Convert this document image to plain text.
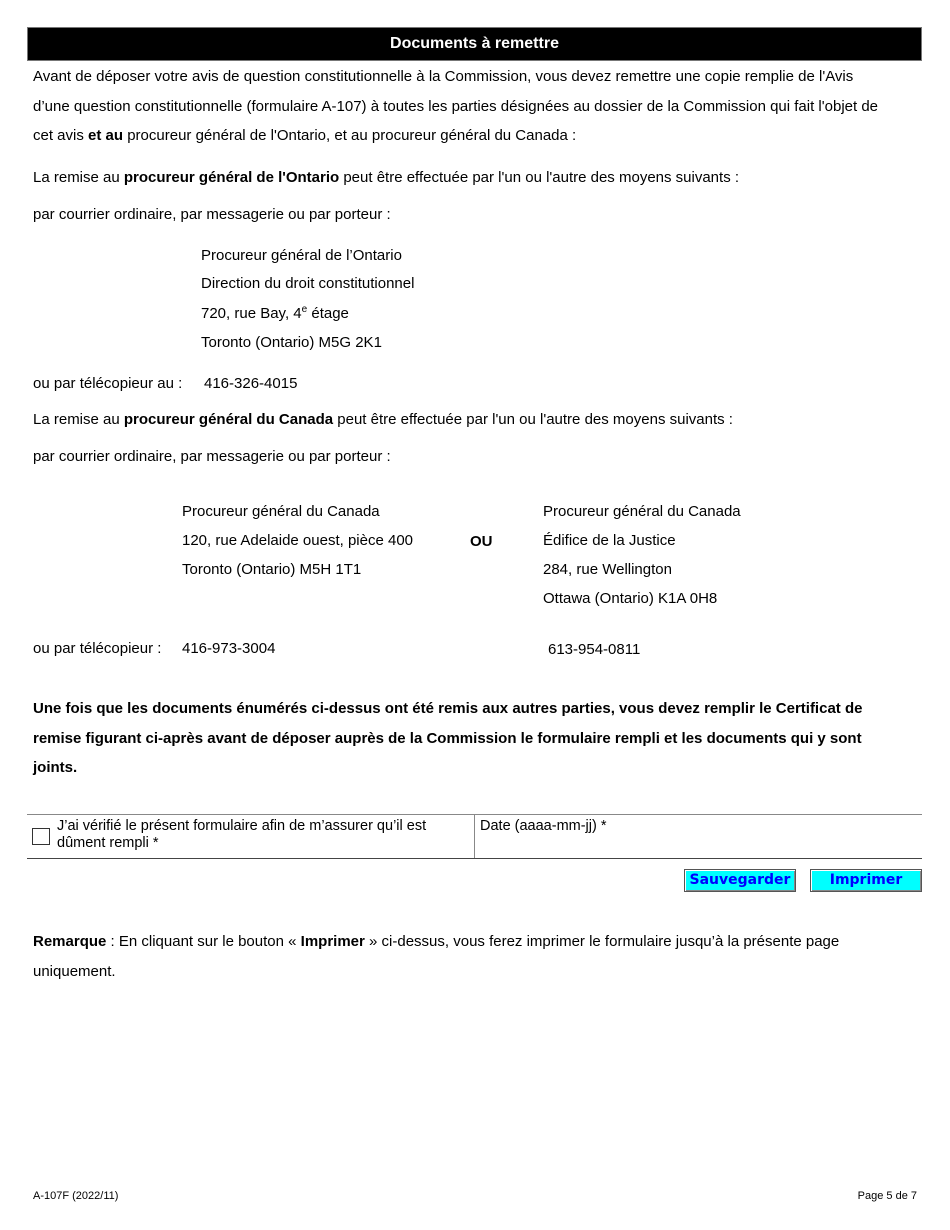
Documents à remettre
Avant de déposer votre avis de question constitutionnelle à la Commission, vous devez remettre une copie remplie de l'Avis
d’une question constitutionnelle (formulaire A-107) à toutes les parties désignées au dossier de la Commission qui fait l'objet de
cet avis et au procureur général de l'Ontario, et au procureur général du Canada :
La remise au procureur général de l'Ontario peut être effectuée par l'un ou l'autre des moyens suivants :
par courrier ordinaire, par messagerie ou par porteur :
Procureur général de l’Ontario
Direction du droit constitutionnel
720, rue Bay, 4e étage
Toronto (Ontario) M5G 2K1
ou par télécopieur au : 416-326-4015
La remise au procureur général du Canada peut être effectuée par l'un ou l'autre des moyens suivants :
par courrier ordinaire, par messagerie ou par porteur :
Procureur général du Canada
120, rue Adelaide ouest, pièce 400
Toronto (Ontario) M5H 1T1
OU
Procureur général du Canada
Édifice de la Justice
284, rue Wellington
Ottawa (Ontario) K1A 0H8
ou par télécopieur : 416-973-3004	613-954-0811
Une fois que les documents énumérés ci-dessus ont été remis aux autres parties, vous devez remplir le Certificat de
remise figurant ci-après avant de déposer auprès de la Commission le formulaire rempli et les documents qui y sont
joints.
J’ai vérifié le présent formulaire afin de m’assurer qu’il est dûment rempli *
Date (aaaa-mm-jj) *
Sauvegarder	Imprimer
Remarque : En cliquant sur le bouton « Imprimer » ci-dessus, vous ferez imprimer le formulaire jusqu’à la présente page
uniquement.
A-107F (2022/11)	Page 5 de 7
